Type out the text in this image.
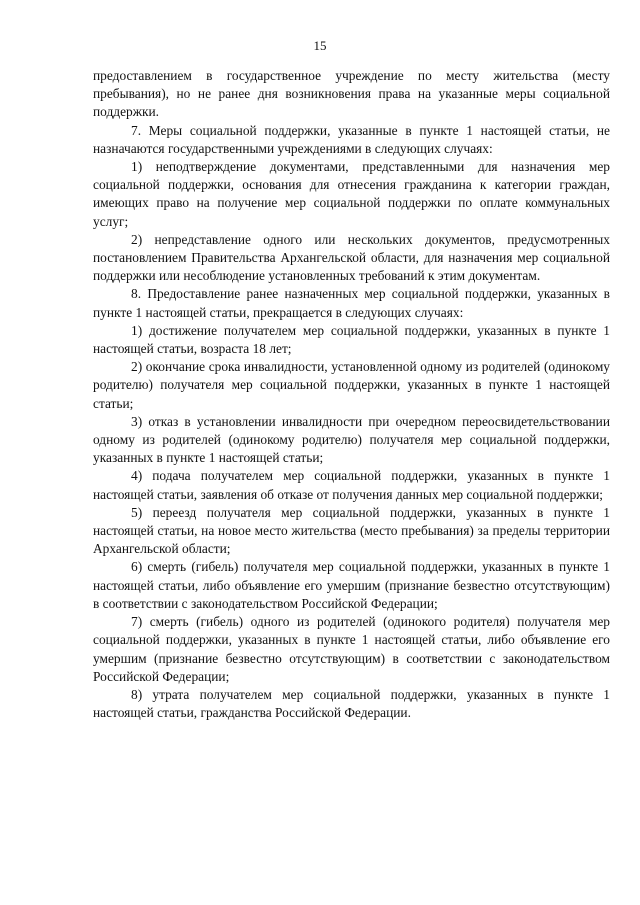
15

предоставлением в государственное учреждение по месту жительства (месту пребывания), но не ранее дня возникновения права на указанные меры социальной поддержки.

7. Меры социальной поддержки, указанные в пункте 1 настоящей статьи, не назначаются государственными учреждениями в следующих случаях:

1) неподтверждение документами, представленными для назначения мер социальной поддержки, основания для отнесения гражданина к категории граждан, имеющих право на получение мер социальной поддержки по оплате коммунальных услуг;

2) непредставление одного или нескольких документов, предусмотренных постановлением Правительства Архангельской области, для назначения мер социальной поддержки или несоблюдение установленных требований к этим документам.

8. Предоставление ранее назначенных мер социальной поддержки, указанных в пункте 1 настоящей статьи, прекращается в следующих случаях:

1) достижение получателем мер социальной поддержки, указанных в пункте 1 настоящей статьи, возраста 18 лет;

2) окончание срока инвалидности, установленной одному из родителей (одинокому родителю) получателя мер социальной поддержки, указанных в пункте 1 настоящей статьи;

3) отказ в установлении инвалидности при очередном переосвидетельствовании одному из родителей (одинокому родителю) получателя мер социальной поддержки, указанных в пункте 1 настоящей статьи;

4) подача получателем мер социальной поддержки, указанных в пункте 1 настоящей статьи, заявления об отказе от получения данных мер социальной поддержки;

5) переезд получателя мер социальной поддержки, указанных в пункте 1 настоящей статьи, на новое место жительства (место пребывания) за пределы территории Архангельской области;

6) смерть (гибель) получателя мер социальной поддержки, указанных в пункте 1 настоящей статьи, либо объявление его умершим (признание безвестно отсутствующим) в соответствии с законодательством Российской Федерации;

7) смерть (гибель) одного из родителей (одинокого родителя) получателя мер социальной поддержки, указанных в пункте 1 настоящей статьи, либо объявление его умершим (признание безвестно отсутствующим) в соответствии с законодательством Российской Федерации;

8) утрата получателем мер социальной поддержки, указанных в пункте 1 настоящей статьи, гражданства Российской Федерации.
